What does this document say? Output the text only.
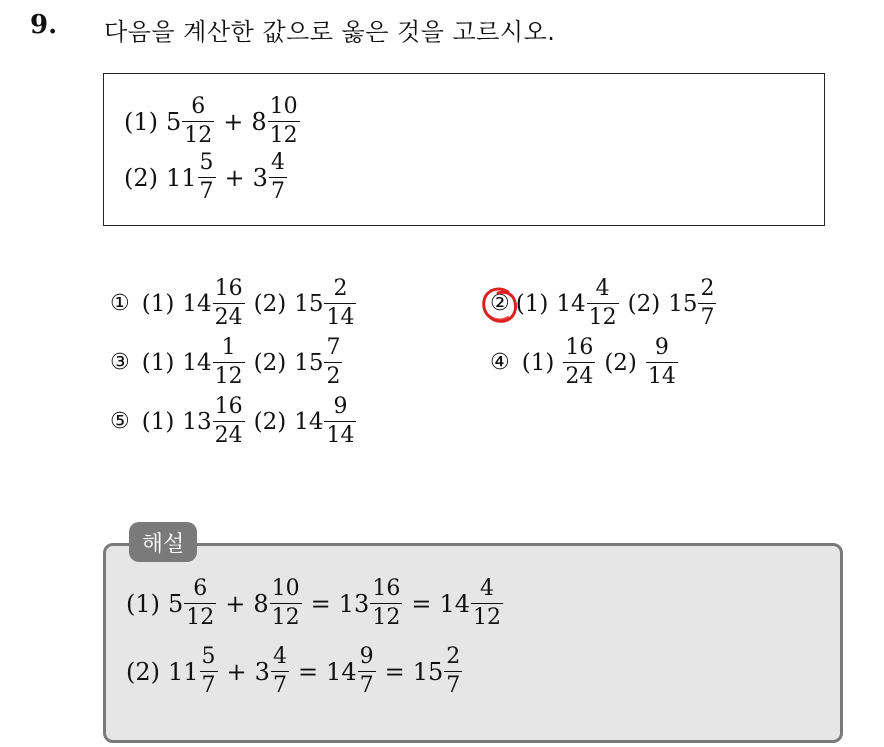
9. 다음을 계산한 값으로 옳은 것을 고르시오.
(1) $5 \frac{6}{12} + 8 \frac{10}{12}$
(2) $11 \frac{5}{7} + 3 \frac{4}{7}$
① (1) $14 \frac{16}{24} (2)$ $15 \frac{2}{14}$	② (1) $14 \frac{4}{12} (2)$ $15 \frac{2}{7}$
③ (1) $14 \frac{1}{12} (2)$ $15 \frac{7}{2}$	④ $(1) \frac{16}{24} (2) \frac{9}{14}$
⑤ (1) $13 \frac{16}{24} (2)$ $14 \frac{9}{14}$
(1) $5 \frac{6}{12} + 8 \frac{10}{12} = 13 \frac{16}{12} = 14 \frac{4}{12}$
(2) $11 \frac{5}{7} + 3 \frac{4}{7} = 14 \frac{9}{7} = 15 \frac{2}{7}$
해설
